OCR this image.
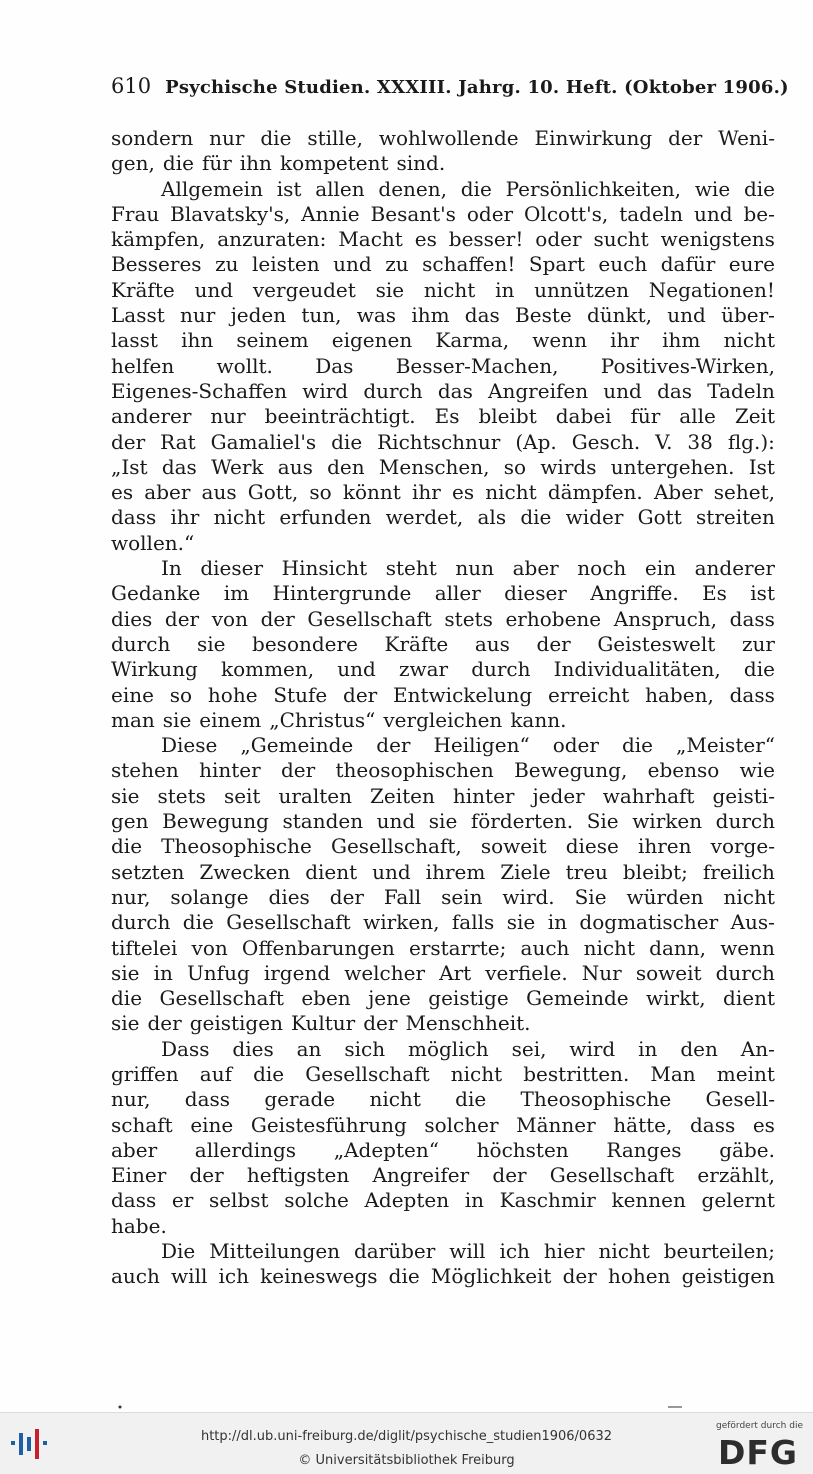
610 Psychische Studien. XXXIII. Jahrg. 10. Heft. (Oktober 1906.)
sondern nur die stille, wohlwollende Einwirkung der Weni-
gen, die für ihn kompetent sind.
Allgemein ist allen denen, die Persönlichkeiten, wie die
Frau Blavatsky's, Annie Besant's oder Olcott's, tadeln und be-
kämpfen, anzuraten: Macht es besser! oder sucht wenigstens
Besseres zu leisten und zu schaffen! Spart euch dafür eure
Kräfte und vergeudet sie nicht in unnützen Negationen!
Lasst nur jeden tun, was ihm das Beste dünkt, und über-
lasst ihn seinem eigenen Karma, wenn ihr ihm nicht
helfen wollt. Das Besser-Machen, Positives-Wirken,
Eigenes-Schaffen wird durch das Angreifen und das Tadeln
anderer nur beeinträchtigt. Es bleibt dabei für alle Zeit
der Rat Gamaliel's die Richtschnur (Ap. Gesch. V. 38 flg.):
„Ist das Werk aus den Menschen, so wirds untergehen. Ist
es aber aus Gott, so könnt ihr es nicht dämpfen. Aber sehet,
dass ihr nicht erfunden werdet, als die wider Gott streiten
wollen.“
In dieser Hinsicht steht nun aber noch ein anderer
Gedanke im Hintergrunde aller dieser Angriffe. Es ist
dies der von der Gesellschaft stets erhobene Anspruch, dass
durch sie besondere Kräfte aus der Geisteswelt zur
Wirkung kommen, und zwar durch Individualitäten, die
eine so hohe Stufe der Entwickelung erreicht haben, dass
man sie einem „Christus“ vergleichen kann.
Diese „Gemeinde der Heiligen“ oder die „Meister“
stehen hinter der theosophischen Bewegung, ebenso wie
sie stets seit uralten Zeiten hinter jeder wahrhaft geisti-
gen Bewegung standen und sie förderten. Sie wirken durch
die Theosophische Gesellschaft, soweit diese ihren vorge-
setzten Zwecken dient und ihrem Ziele treu bleibt; freilich
nur, solange dies der Fall sein wird. Sie würden nicht
durch die Gesellschaft wirken, falls sie in dogmatischer Aus-
tiftelei von Offenbarungen erstarrte; auch nicht dann, wenn
sie in Unfug irgend welcher Art verfiele. Nur soweit durch
die Gesellschaft eben jene geistige Gemeinde wirkt, dient
sie der geistigen Kultur der Menschheit.
Dass dies an sich möglich sei, wird in den An-
griffen auf die Gesellschaft nicht bestritten. Man meint
nur, dass gerade nicht die Theosophische Gesell-
schaft eine Geistesführung solcher Männer hätte, dass es
aber allerdings „Adepten“ höchsten Ranges gäbe.
Einer der heftigsten Angreifer der Gesellschaft erzählt,
dass er selbst solche Adepten in Kaschmir kennen gelernt
habe.
Die Mitteilungen darüber will ich hier nicht beurteilen;
auch will ich keineswegs die Möglichkeit der hohen geistigen
http://dl.ub.uni-freiburg.de/diglit/psychische_studien1906/0632
© Universitätsbibliothek Freiburg
gefördert durch die
DFG
